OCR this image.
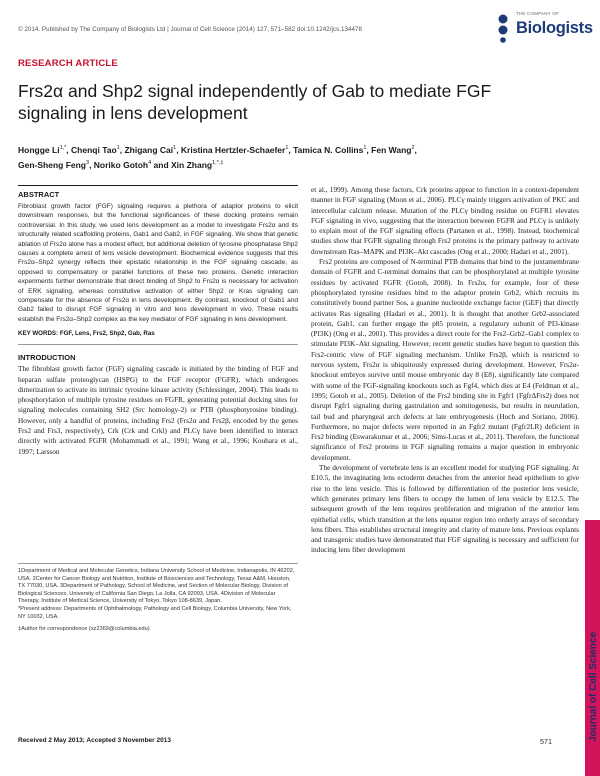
© 2014. Published by The Company of Biologists Ltd | Journal of Cell Science (2014) 127, 571–582 doi:10.1242/jcs.134478
THE COMPANY OF
Biologists
RESEARCH ARTICLE
Frs2α and Shp2 signal independently of Gab to mediate FGF signaling in lens development
Hongge $Li^{1,*}$, Chenqi Tao$^1$, Zhigang Cai$^1$, Kristina Hertzler-Schaefer$^1$, Tamica N. Collins$^1$, Fen Wang$^2$,
Gen-Sheng Feng$^3$, Noriko Gotoh$^4$ and Xin Zhang$^{1,*,\ddagger}$
ABSTRACT

Fibroblast growth factor (FGF) signaling requires a plethora of adaptor proteins to elicit downstream responses, but the functional significances of these docking proteins remain controversial. In this study, we used lens development as a model to investigate Frs2α and its structurally related scaffolding proteins, Gab1 and Gab2, in FGF signaling. We show that genetic ablation of Frs2α alone has a modest effect, but additional deletion of tyrosine phosphatase Shp2 causes a complete arrest of lens vesicle development. Biochemical evidence suggests that this Frs2α–Shp2 synergy reflects their epistatic relationship in the FGF signaling cascade, as opposed to compensatory or parallel functions of these two proteins. Genetic interaction experiments further demonstrate that direct binding of Shp2 to Frs2α is necessary for activation of ERK signaling, whereas constitutive activation of either Shp2 or Kras signaling can compensate for the absence of Frs2α in lens development. By contrast, knockout of Gab1 and Gab2 failed to disrupt FGF signaling in vitro and lens development in vivo. These results establish the Frs2α–Shp2 complex as the key mediator of FGF signaling in lens development.

KEY WORDS: FGF, Lens, Frs2, Shp2, Gab, Ras
INTRODUCTION

The fibroblast growth factor (FGF) signaling cascade is initiated by the binding of FGF and heparan sulfate proteoglycan (HSPG) to the FGF receptor (FGFR), which undergoes dimerization to activate its intrinsic tyrosine kinase activity (Schlessinger, 2004). This leads to phosphorylation of multiple tyrosine residues on FGFR, generating potential docking sites for signaling molecules containing SH2 (Src homology-2) or PTB (phosphotyrosine binding). However, only a handful of proteins, including Frs2 (Frs2α and Frs2β, encoded by the genes Frs2 and Frs3, respectively), Crk (Crk and Crkl) and PLCγ have been identified to interact directly with activated FGFR (Mohammadi et al., 1991; Wang et al., 1996; Kouhara et al., 1997; Larsson

et al., 1999). Among these factors, Crk proteins appear to function in a context-dependent manner in FGF signaling (Moon et al., 2006). PLCγ mainly triggers activation of PKC and intercellular calcium release. Mutation of the PLCγ binding residue on FGFR1 elevates FGF signaling in vivo, suggesting that the interaction between FGFR and PLCγ is unlikely to explain most of the FGF signaling effects (Partanen et al., 1998). Instead, biochemical studies show that FGFR signaling through Frs2 proteins is the primary pathway to activate downstream Ras–MAPK and PI3K–Akt cascades (Ong et al., 2000; Hadari et al., 2001).

Frs2 proteins are composed of N-terminal PTB domains that bind to the juxtamembrane domain of FGFR and C-terminal domains that can be phosphorylated at multiple tyrosine residues by activated FGFR (Gotoh, 2008). In Frs2α, for example, four of these phosphorylated tyrosine residues bind to the adaptor protein Grb2, which recruits its constitutively bound partner Sos, a guanine nucleotide exchange factor (GEF) that directly activates Ras signaling (Hadari et al., 2001). It is thought that another Grb2-associated protein, Gab1, can further engage the p85 protein, a regulatory subunit of PI3-kinase (PI3K) (Ong et al., 2001). This provides a direct route for the Frs2–Grb2–Gab1 complex to stimulate PI3K–Akt signaling. However, recent genetic studies have begun to question this Frs2-centric view of FGF signaling mechanism. Unlike Frs2β, which is restricted to nervous system, Frs2α is ubiquitously expressed during development. However, Frs2α-knockout embryos survive until mouse embryonic day 8 (E8), significantly late compared with some of the FGF-signaling knockouts such as Fgf4, which dies at E4 (Feldman et al., 1995; Gotoh et al., 2005). Deletion of the Frs2 binding site in Fgfr1 (FgfrΔFrs2) does not disrupt Fgfr1 signaling during gastrulation and somitogenesis, but results in neurulation, tail bud and pharyngeal arch defects at late embryogenesis (Hoch and Soriano, 2006). Furthermore, no major defects were reported in an Fgfr2 mutant (Fgfr2LR) deficient in Frs2 binding (Eswarakumar et al., 2006; Sims-Lucas et al., 2011). Therefore, the functional significance of Frs2 proteins in FGF signaling remains a major question in embryonic development.

The development of vertebrate lens is an excellent model for studying FGF signaling. At E10.5, the invaginating lens ectoderm detaches from the anterior head epithelium to give rise to the lens vesicle. This is followed by differentiation of the posterior lens vesicle, which generates primary lens fibers to occupy the lumen of lens vesicle by E12.5. The subsequent growth of the lens requires proliferation and migration of the anterior lens epithelial cells, which transition at the lens equator region into orderly arrays of secondary lens fibers. This establishes structural integrity and clarity of mature lens. Previous explants and transgenic studies have demonstrated that FGF signaling is necessary and sufficient for inducing lens fiber development

1Department of Medical and Molecular Genetics, Indiana University School of Medicine, Indianapolis, IN 46202, USA. 2Center for Cancer Biology and Nutrition, Institute of Biosciences and Technology, Texas A&M, Houston, TX 77030, USA. 3Department of Pathology, School of Medicine, and Section of Molecular Biology, Division of Biological Sciences, University of California San Diego, La Jolla, CA 92093, USA. 4Division of Molecular Therapy, Institute of Medical Science, University of Tokyo, Tokyo 108-8639, Japan.

*Present address: Departments of Ophthalmology, Pathology and Cell Biology, Columbia University, New York, NY 10032, USA.

‡Author for correspondence (xz2369@columbia.edu)

Received 2 May 2013; Accepted 3 November 2013	571	Journal of Cell Science
